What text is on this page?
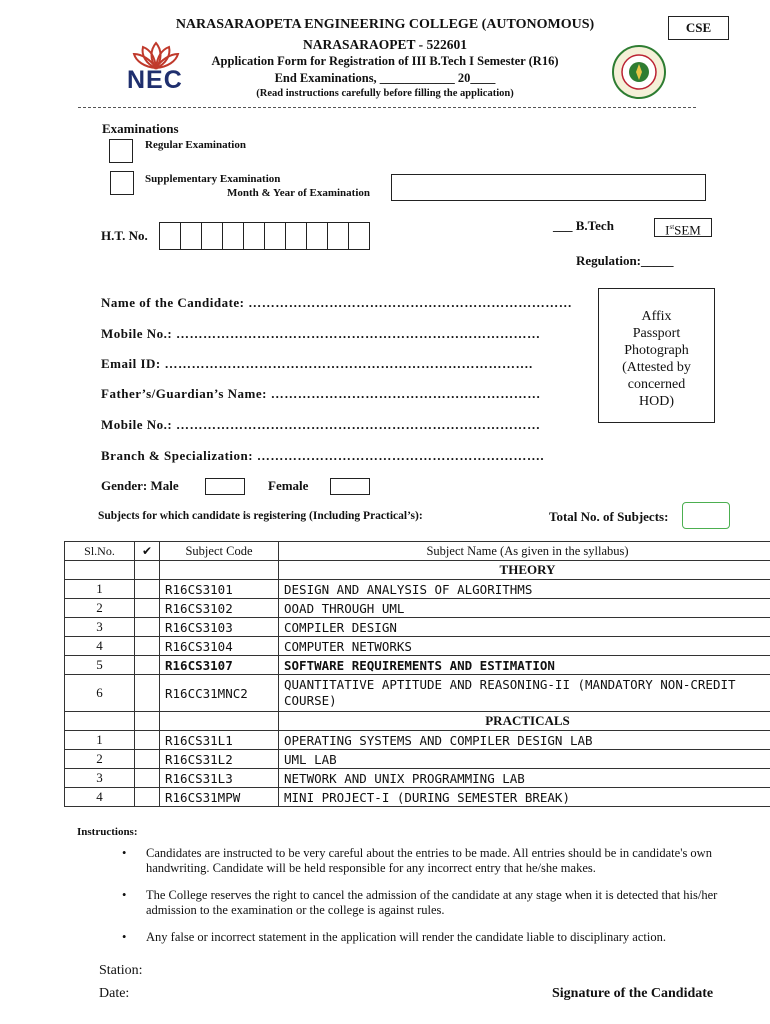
NARASARAOPETA ENGINEERING COLLEGE (AUTONOMOUS)
NARASARAOPET - 522601
Application Form for Registration of III B.Tech I Semester (R16)
End Examinations, ____________ 20____
(Read instructions carefully before filling the application)
CSE
NEC
Examinations
Regular Examination
Supplementary Examination
Month & Year of Examination
H.T. No.
___ B.Tech	IstSEM
Regulation:_____
Name of the Candidate: ………………………………………………………………
Mobile No.: ………………………………………………………………………
Email ID: ……………………………………………………………………….
Father’s/Guardian’s Name: ……………………………………………………
Mobile No.: ………………………………………………………………………
Branch & Specialization: ……………………………………………………….
Gender: Male	Female
Affix
Passport
Photograph
(Attested by
concerned
HOD)
Subjects for which candidate is registering (Including Practical’s):	Total No. of Subjects:
Sl.No.	✔	Subject Code	Subject Name (As given in the syllabus)
			THEORY
1		R16CS3101	DESIGN AND ANALYSIS OF ALGORITHMS
2		R16CS3102	OOAD THROUGH UML
3		R16CS3103	COMPILER DESIGN
4		R16CS3104	COMPUTER NETWORKS
5		R16CS3107	SOFTWARE REQUIREMENTS AND ESTIMATION
6		R16CC31MNC2	QUANTITATIVE APTITUDE AND REASONING-II (MANDATORY NON-CREDIT COURSE)
			PRACTICALS
1		R16CS31L1	OPERATING SYSTEMS AND COMPILER DESIGN LAB
2		R16CS31L2	UML LAB
3		R16CS31L3	NETWORK AND UNIX PROGRAMMING LAB
4		R16CS31MPW	MINI PROJECT-I (DURING SEMESTER BREAK)
Instructions:
• Candidates are instructed to be very careful about the entries to be made. All entries should be in candidate's own handwriting. Candidate will be held responsible for any incorrect entry that he/she makes.
• The College reserves the right to cancel the admission of the candidate at any stage when it is detected that his/her admission to the examination or the college is against rules.
• Any false or incorrect statement in the application will render the candidate liable to disciplinary action.
Station:
Date:	Signature of the Candidate
